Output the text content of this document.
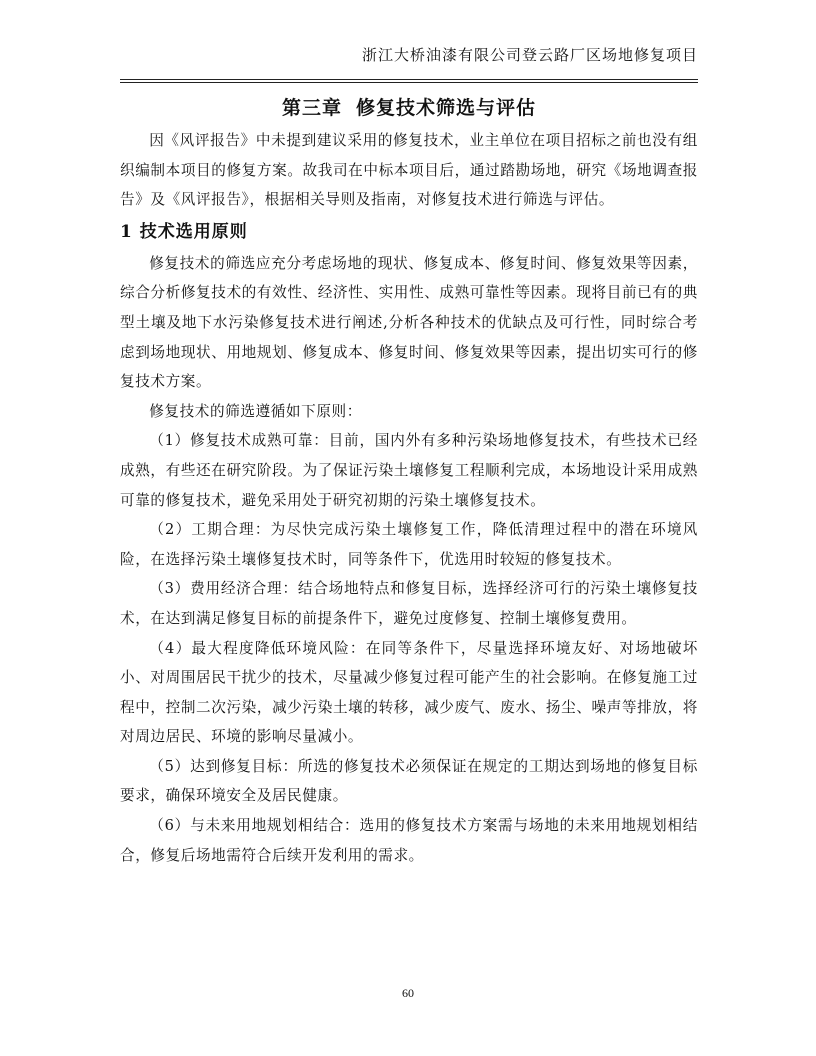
浙江大桥油漆有限公司登云路厂区场地修复项目
第三章 修复技术筛选与评估

因《风评报告》中未提到建议采用的修复技术，业主单位在项目招标之前也没有组织编制本项目的修复方案。故我司在中标本项目后，通过踏勘场地，研究《场地调查报告》及《风评报告》，根据相关导则及指南，对修复技术进行筛选与评估。

1 技术选用原则

修复技术的筛选应充分考虑场地的现状、修复成本、修复时间、修复效果等因素，综合分析修复技术的有效性、经济性、实用性、成熟可靠性等因素。现将目前已有的典型土壤及地下水污染修复技术进行阐述,分析各种技术的优缺点及可行性，同时综合考虑到场地现状、用地规划、修复成本、修复时间、修复效果等因素，提出切实可行的修复技术方案。

修复技术的筛选遵循如下原则：

（1）修复技术成熟可靠：目前，国内外有多种污染场地修复技术，有些技术已经成熟，有些还在研究阶段。为了保证污染土壤修复工程顺利完成，本场地设计采用成熟可靠的修复技术，避免采用处于研究初期的污染土壤修复技术。

（2）工期合理：为尽快完成污染土壤修复工作，降低清理过程中的潜在环境风险，在选择污染土壤修复技术时，同等条件下，优选用时较短的修复技术。

（3）费用经济合理：结合场地特点和修复目标，选择经济可行的污染土壤修复技术，在达到满足修复目标的前提条件下，避免过度修复、控制土壤修复费用。

（4）最大程度降低环境风险：在同等条件下，尽量选择环境友好、对场地破坏小、对周围居民干扰少的技术，尽量减少修复过程可能产生的社会影响。在修复施工过程中，控制二次污染，减少污染土壤的转移，减少废气、废水、扬尘、噪声等排放，将对周边居民、环境的影响尽量减小。

（5）达到修复目标：所选的修复技术必须保证在规定的工期达到场地的修复目标要求，确保环境安全及居民健康。

（6）与未来用地规划相结合：选用的修复技术方案需与场地的未来用地规划相结合，修复后场地需符合后续开发利用的需求。

60
